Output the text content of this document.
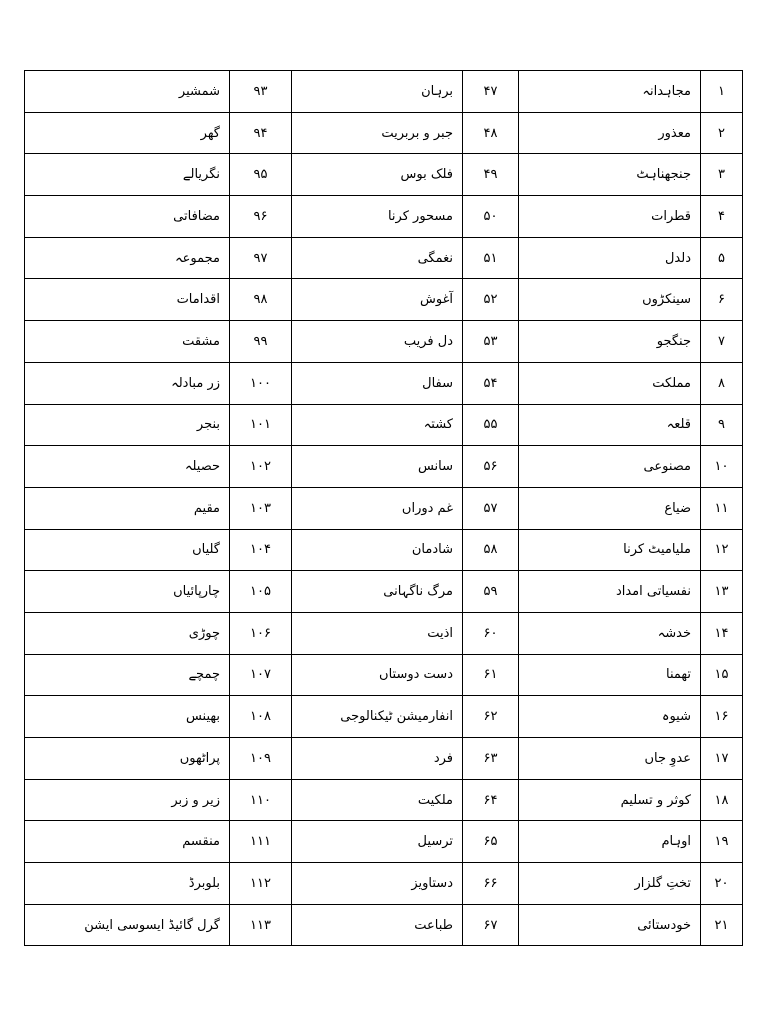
۱	مجاہدانہ	۴۷	برہان	۹۳	شمشیر
۲	معذور	۴۸	جبر و بربریت	۹۴	گھر
۳	جنجھناہٹ	۴۹	فلک بوس	۹۵	نگریالے
۴	قطرات	۵۰	مسحور کرنا	۹۶	مضافاتی
۵	دلدل	۵۱	نغمگی	۹۷	مجموعہ
۶	سینکڑوں	۵۲	آغوش	۹۸	اقدامات
۷	جنگجو	۵۳	دل فریب	۹۹	مشقت
۸	مملکت	۵۴	سفال	۱۰۰	زر مبادلہ
۹	قلعہ	۵۵	کشتہ	۱۰۱	بنجر
۱۰	مصنوعی	۵۶	سانس	۱۰۲	حصیلہ
۱۱	ضیاع	۵۷	غم دوراں	۱۰۳	مقیم
۱۲	ملیامیٹ کرنا	۵۸	شادمان	۱۰۴	گلیاں
۱۳	نفسیاتی امداد	۵۹	مرگ ناگہانی	۱۰۵	چارپائیاں
۱۴	خدشہ	۶۰	اذیت	۱۰۶	چوڑی
۱۵	تھمنا	۶۱	دست دوستاں	۱۰۷	چمچے
۱۶	شیوہ	۶۲	انفارمیشن ٹیکنالوجی	۱۰۸	بھینس
۱۷	عدوِ جاں	۶۳	فرد	۱۰۹	پراٹھوں
۱۸	کوثر و تسلیم	۶۴	ملکیت	۱۱۰	زیر و زبر
۱۹	اوہام	۶۵	ترسیل	۱۱۱	منقسم
۲۰	تختِ گلزار	۶۶	دستاویز	۱۱۲	بلوبرڈ
۲۱	خودستائی	۶۷	طباعت	۱۱۳	گرل گائیڈ ایسوسی ایشن
